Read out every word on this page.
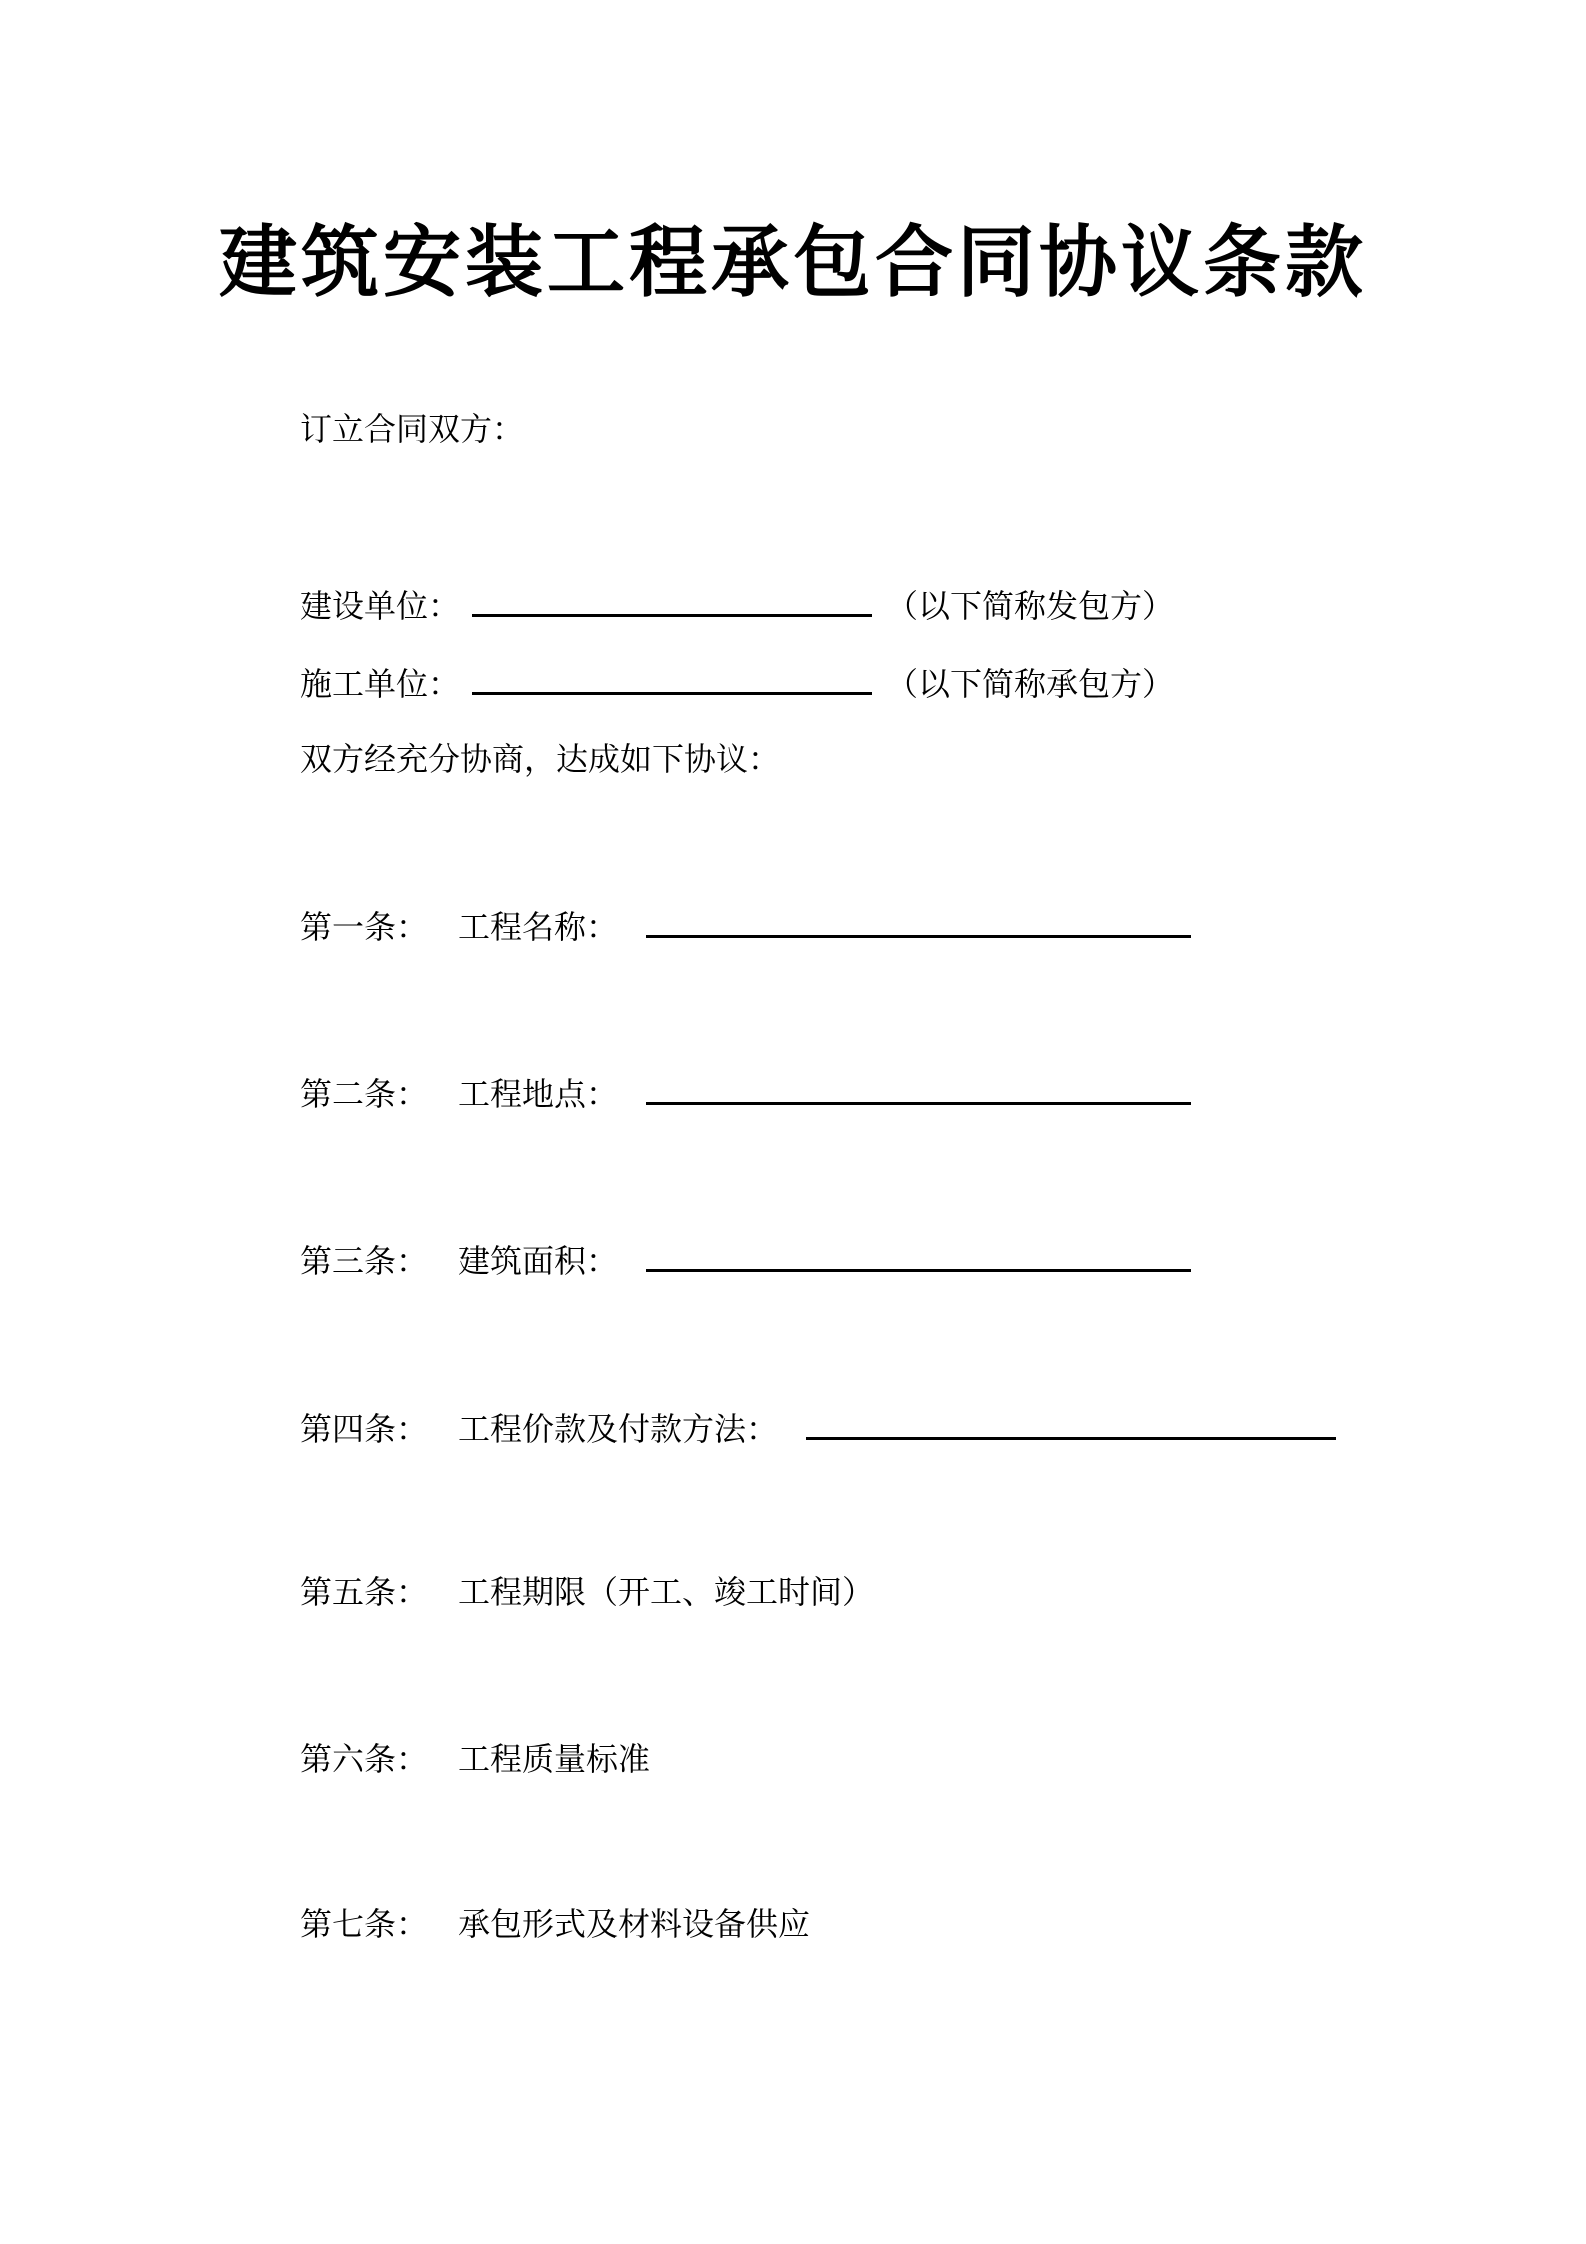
建筑安装工程承包合同协议条款

订立合同双方：

建设单位：	（以下简称发包方）
施工单位：	（以下简称承包方）

双方经充分协商，达成如下协议：

第一条： 工程名称：
第二条： 工程地点：
第三条： 建筑面积：
第四条： 工程价款及付款方法：
第五条： 工程期限（开工、竣工时间）
第六条： 工程质量标准
第七条： 承包形式及材料设备供应
